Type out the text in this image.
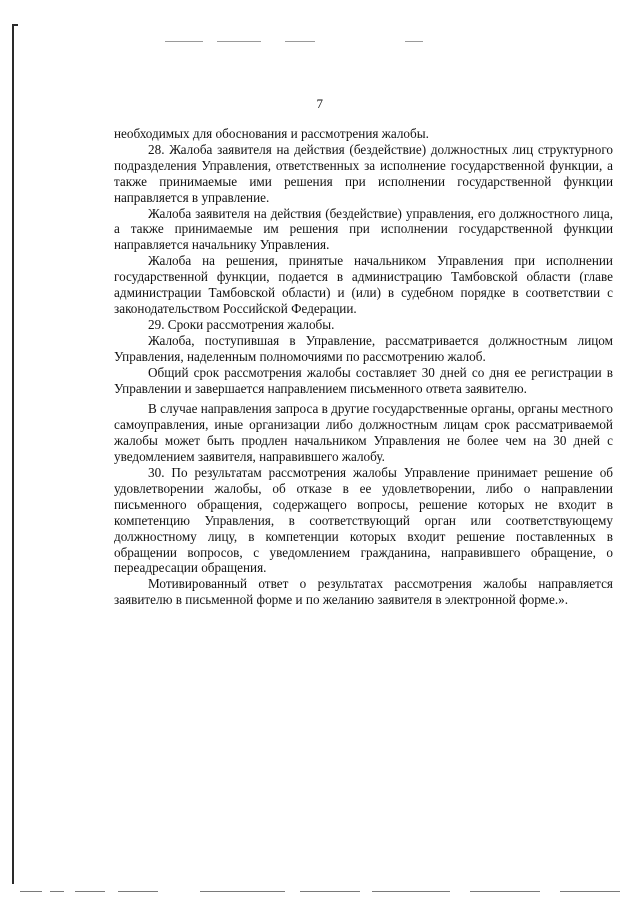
7

необходимых для обоснования и рассмотрения жалобы.

28. Жалоба заявителя на действия (бездействие) должностных лиц структурного подразделения Управления, ответственных за исполнение государственной функции, а также принимаемые ими решения при исполнении государственной функции направляется в управление.

Жалоба заявителя на действия (бездействие) управления, его должностного лица, а также принимаемые им решения при исполнении государственной функции направляется начальнику Управления.

Жалоба на решения, принятые начальником Управления при исполнении государственной функции, подается в администрацию Тамбовской области (главе администрации Тамбовской области) и (или) в судебном порядке в соответствии с законодательством Российской Федерации.

29. Сроки рассмотрения жалобы.

Жалоба, поступившая в Управление, рассматривается должностным лицом Управления, наделенным полномочиями по рассмотрению жалоб.

Общий срок рассмотрения жалобы составляет 30 дней со дня ее регистрации в Управлении и завершается направлением письменного ответа заявителю.

В случае направления запроса в другие государственные органы, органы местного самоуправления, иные организации либо должностным лицам срок рассматриваемой жалобы может быть продлен начальником Управления не более чем на 30 дней с уведомлением заявителя, направившего жалобу.

30. По результатам рассмотрения жалобы Управление принимает решение об удовлетворении жалобы, об отказе в ее удовлетворении, либо о направлении письменного обращения, содержащего вопросы, решение которых не входит в компетенцию Управления, в соответствующий орган или соответствующему должностному лицу, в компетенции которых входит решение поставленных в обращении вопросов, с уведомлением гражданина, направившего обращение, о переадресации обращения.

Мотивированный ответ о результатах рассмотрения жалобы направляется заявителю в письменной форме и по желанию заявителя в электронной форме.».
